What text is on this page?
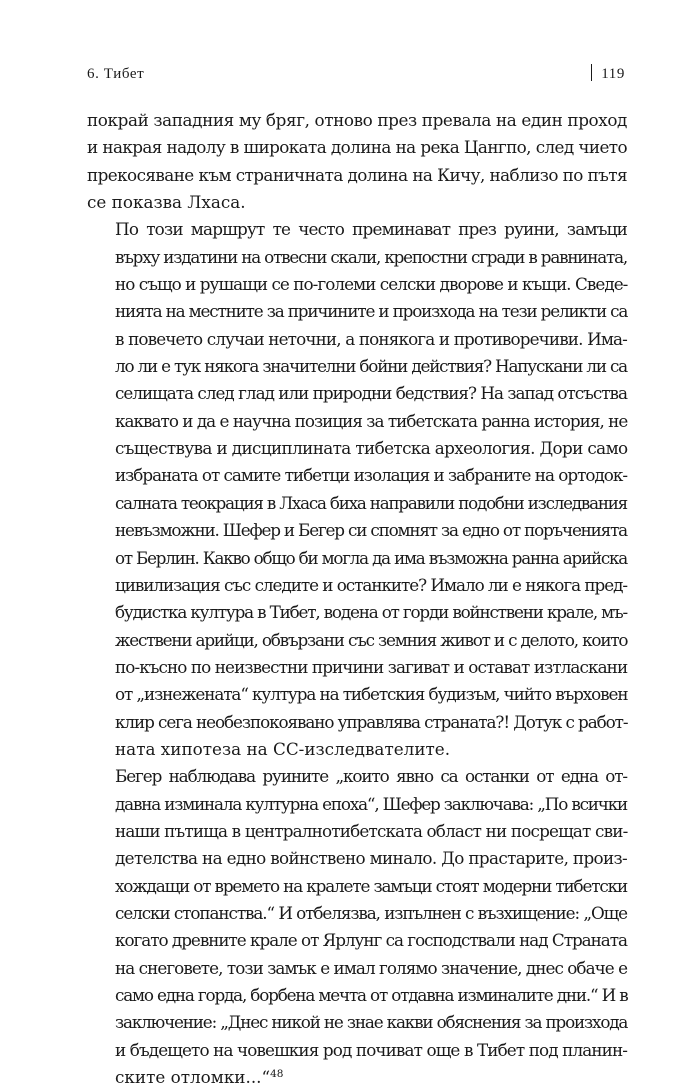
6. Тибет	119

покрай западния му бряг, отново през превала на един проход
и накрая надолу в широката долина на река Цангпо, след чието
прекосяване към страничната долина на Кичу, наблизо по пътя
се показва Лхаса.

По този маршрут те често преминават през руини, замъци
върху издатини на отвесни скали, крепостни сгради в равнината,
но също и рушащи се по-големи селски дворове и къщи. Сведе-
нията на местните за причините и произхода на тези реликти са
в повечето случаи неточни, а понякога и противоречиви. Има-
ло ли е тук някога значителни бойни действия? Напускани ли са
селищата след глад или природни бедствия? На запад отсъства
каквато и да е научна позиция за тибетската ранна история, не
съществува и дисциплината тибетска археология. Дори само
избраната от самите тибетци изолация и забраните на ортодок-
салната теокрация в Лхаса биха направили подобни изследвания
невъзможни. Шефер и Бегер си спомнят за едно от поръченията
от Берлин. Какво общо би могла да има възможна ранна арийска
цивилизация със следите и останките? Имало ли е някога пред-
будистка култура в Тибет, водена от горди войнствени крале, мъ-
жествени арийци, обвързани със земния живот и с делото, които
по-късно по неизвестни причини загиват и остават изтласкани
от „изнежената“ култура на тибетския будизъм, чийто върховен
клир сега необезпокоявано управлява страната?! Дотук с работ-
ната хипотеза на СС-изследвателите.

Бегер наблюдава руините „които явно са останки от една от-
давна изминала културна епоха“, Шефер заключава: „По всички
наши пътища в централнотибетската област ни посрещат сви-
детелства на едно войнствено минало. До прастарите, произ-
хождащи от времето на кралете замъци стоят модерни тибетски
селски стопанства.“ И отбелязва, изпълнен с възхищение: „Още
когато древните крале от Ярлунг са господствали над Страната
на снеговете, този замък е имал голямо значение, днес обаче е
само една горда, борбена мечта от отдавна изминалите дни.“ И в
заключение: „Днес никой не знае какви обяснения за произхода
и бъдещето на човешкия род почиват още в Тибет под планин-
ските отломки...“$^{48}$
